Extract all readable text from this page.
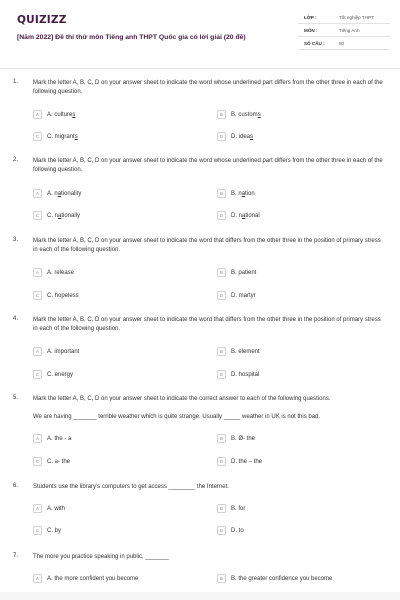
QUIZIZZ
[Năm 2022] Đề thi thử môn Tiếng anh THPT Quốc gia có lời giải (20 đề)
LỚP :	Tốt nghiệp THPT
MÔN :	Tiếng Anh
SỐ CÂU :	50
1. Mark the letter A, B, C, D on your answer sheet to indicate the word whose underlined part differs from the other three in each of the following question.
A	A. cultures	B	B. customs
C	C. migrants	D	D. ideas
2. Mark the letter A, B, C, D on your answer sheet to indicate the word whose underlined part differs from the other three in each of the following question.
A	A. nationality	B	B. nation
C	C. nationally	D	D. national
3. Mark the letter A, B, C, D on your answer sheet to indicate the word that differs from the other three in the position of primary stress in each of the following question.
A	A. release	B	B. patient
C	C. hopeless	D	D. martyr
4. Mark the letter A, B, C, D on your answer sheet to indicate the word that differs from the other three in the position of primary stress in each of the following question.
A	A. important	B	B. element
C	C. energy	D	D. hospital
5. Mark the letter A, B, C, D on your answer sheet to indicate the correct answer to each of the following questions.
We are having _______ terrible weather which is quite strange. Usually _____ weather in UK is not this bad.
A	A. the - a	B	B. Ø- the
C	C. a- the	D	D. the – the
6. Students use the library's computers to get access ________ the Internet.
A	A. with	B	B. for
C	C. by	D	D. to
7. The more you practice speaking in public, _______
A	A. the more confident you become	B	B. the greater confidence you become
